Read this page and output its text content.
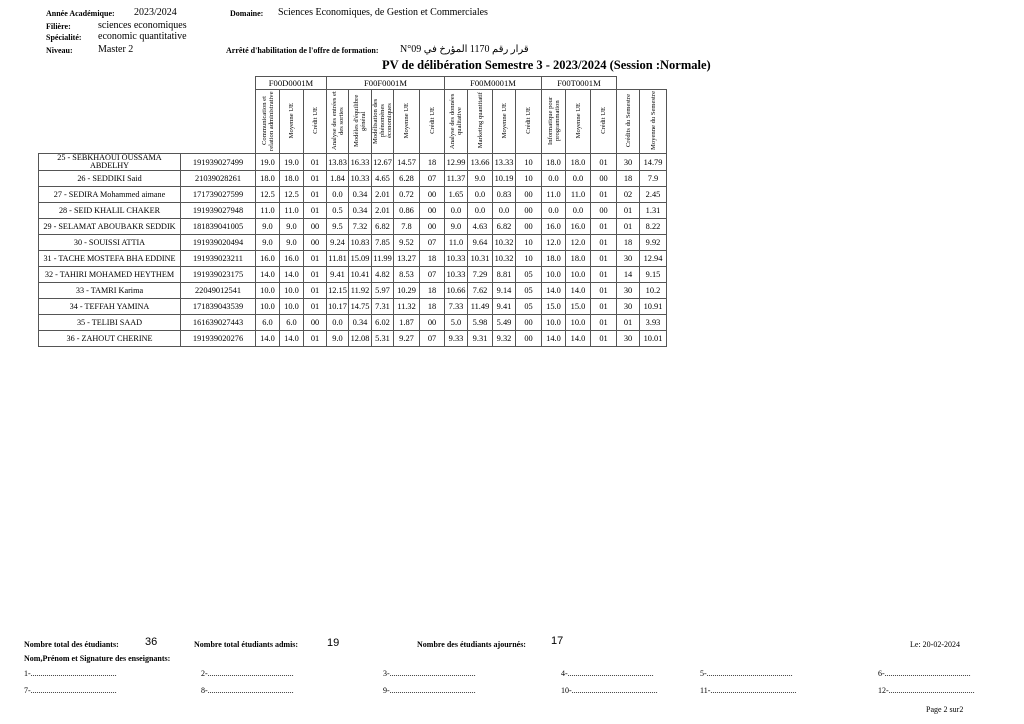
Année Académique: 2023/2024
Filière:	sciences economiques
Spécialité: economic quantitative
Niveau:	Master 2
Domaine: Sciences Economiques, de Gestion et Commerciales
Arrêté d'habilitation de l'offre de formation: N°09 قرار رقم 1170 المؤرخ في
PV de délibération Semestre 3 - 2023/2024 (Session :Normale)
		F00D0001M			F00F0001M					F00M0001M				F00T0001M				
		Communication et relation administrative	Moyenne UE	Crédit UE	Analyse des entrées et des sorties	Modèles d'équilibre général	Modélisation des phénomènes économiques	Moyenne UE	Crédit UE	Analyse des données qualitative	Marketing quantitatif	Moyenne UE	Crédit UE	Informatique pour programmation	Moyenne UE	Crédit UE	Crédits du Semestre	Moyenne du Semestre
25 - SEBKHAOUI OUSSAMA ABDELHY	191939027499	19.0	19.0	01	13.83	16.33	12.67	14.57	18	12.99	13.66	13.33	10	18.0	18.0	01	30	14.79
26 - SEDDIKI Said	21039028261	18.0	18.0	01	1.84	10.33	4.65	6.28	07	11.37	9.0	10.19	10	0.0	0.0	00	18	7.9
27 - SEDIRA Mohammed aimane	171739027599	12.5	12.5	01	0.0	0.34	2.01	0.72	00	1.65	0.0	0.83	00	11.0	11.0	01	02	2.45
28 - SEID KHALIL CHAKER	191939027948	11.0	11.0	01	0.5	0.34	2.01	0.86	00	0.0	0.0	0.0	00	0.0	0.0	00	01	1.31
29 - SELAMAT ABOUBAKR SEDDIK	181839041005	9.0	9.0	00	9.5	7.32	6.82	7.8	00	9.0	4.63	6.82	00	16.0	16.0	01	01	8.22
30 - SOUISSI ATTIA	191939020494	9.0	9.0	00	9.24	10.83	7.85	9.52	07	11.0	9.64	10.32	10	12.0	12.0	01	18	9.92
31 - TACHE MOSTEFA BHA EDDINE	191939023211	16.0	16.0	01	11.81	15.09	11.99	13.27	18	10.33	10.31	10.32	10	18.0	18.0	01	30	12.94
32 - TAHIRI MOHAMED HEYTHEM	191939023175	14.0	14.0	01	9.41	10.41	4.82	8.53	07	10.33	7.29	8.81	05	10.0	10.0	01	14	9.15
33 - TAMRI Karima	22049012541	10.0	10.0	01	12.15	11.92	5.97	10.29	18	10.66	7.62	9.14	05	14.0	14.0	01	30	10.2
34 - TEFFAH YAMINA	171839043539	10.0	10.0	01	10.17	14.75	7.31	11.32	18	7.33	11.49	9.41	05	15.0	15.0	01	30	10.91
35 - TELIBI SAAD	161639027443	6.0	6.0	00	0.0	0.34	6.02	1.87	00	5.0	5.98	5.49	00	10.0	10.0	01	01	3.93
36 - ZAHOUT CHERINE	191939020276	14.0	14.0	01	9.0	12.08	5.31	9.27	07	9.33	9.31	9.32	00	14.0	14.0	01	30	10.01
Nombre total des étudiants: 36	Nombre total étudiants admis:	19	Nombre des étudiants ajournés: 17	Le: 20-02-2024
Nom,Prénom et Signature des enseignants:
1-...........................................	2-...........................................	3-...........................................	4-...........................................	5-...........................................	6-...........................................
7-...........................................	8-...........................................	9-...........................................	10-...........................................	11-...........................................	12-...........................................
Page 2 sur2
